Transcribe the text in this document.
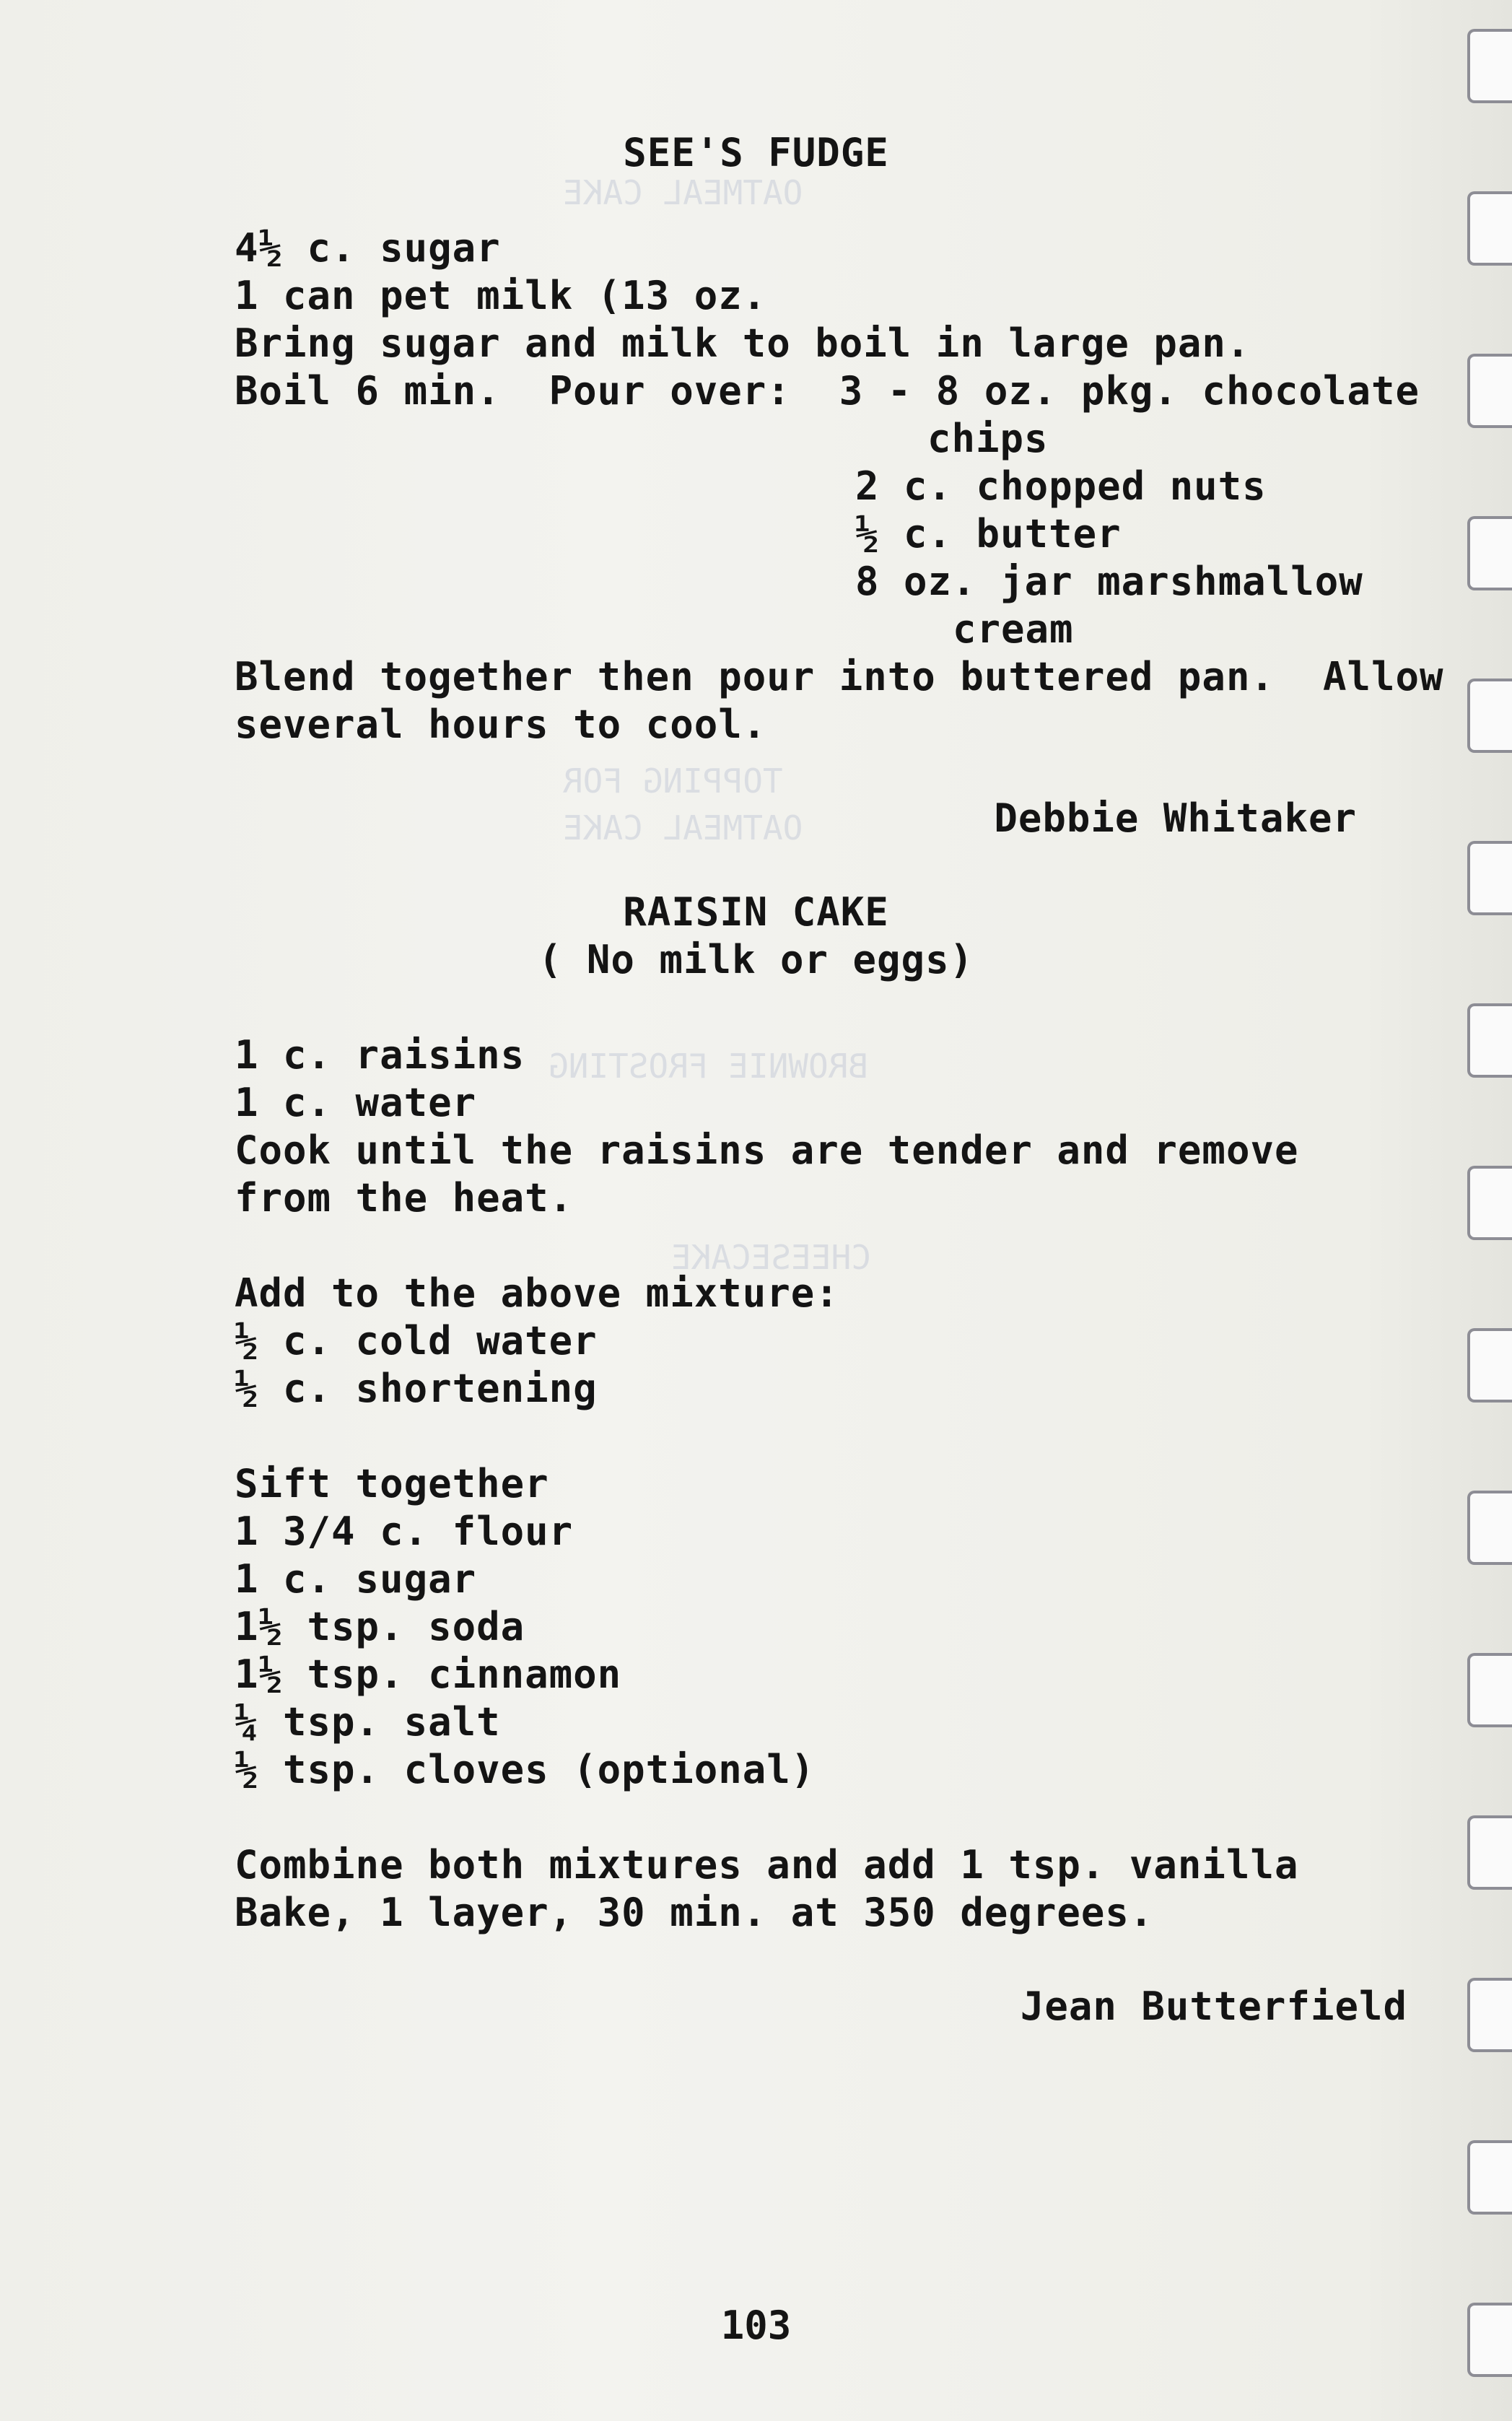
OATMEAL CAKE
TOPPING FOR
OATMEAL CAKE
CHEESECAKE
BROWNIE FROSTING
SEE'S FUDGE
4½ c. sugar
1 can pet milk (13 oz.
Bring sugar and milk to boil in large pan.
Boil 6 min.  Pour over:  3 - 8 oz. pkg. chocolate
chips
2 c. chopped nuts
½ c. butter
8 oz. jar marshmallow
cream
Blend together then pour into buttered pan.  Allow
several hours to cool.
Debbie Whitaker
RAISIN CAKE
( No milk or eggs)
1 c. raisins
1 c. water
Cook until the raisins are tender and remove
from the heat.
Add to the above mixture:
½ c. cold water
½ c. shortening
Sift together
1 3/4 c. flour
1 c. sugar
1½ tsp. soda
1½ tsp. cinnamon
¼ tsp. salt
½ tsp. cloves (optional)
Combine both mixtures and add 1 tsp. vanilla
Bake, 1 layer, 30 min. at 350 degrees.
Jean Butterfield
103
